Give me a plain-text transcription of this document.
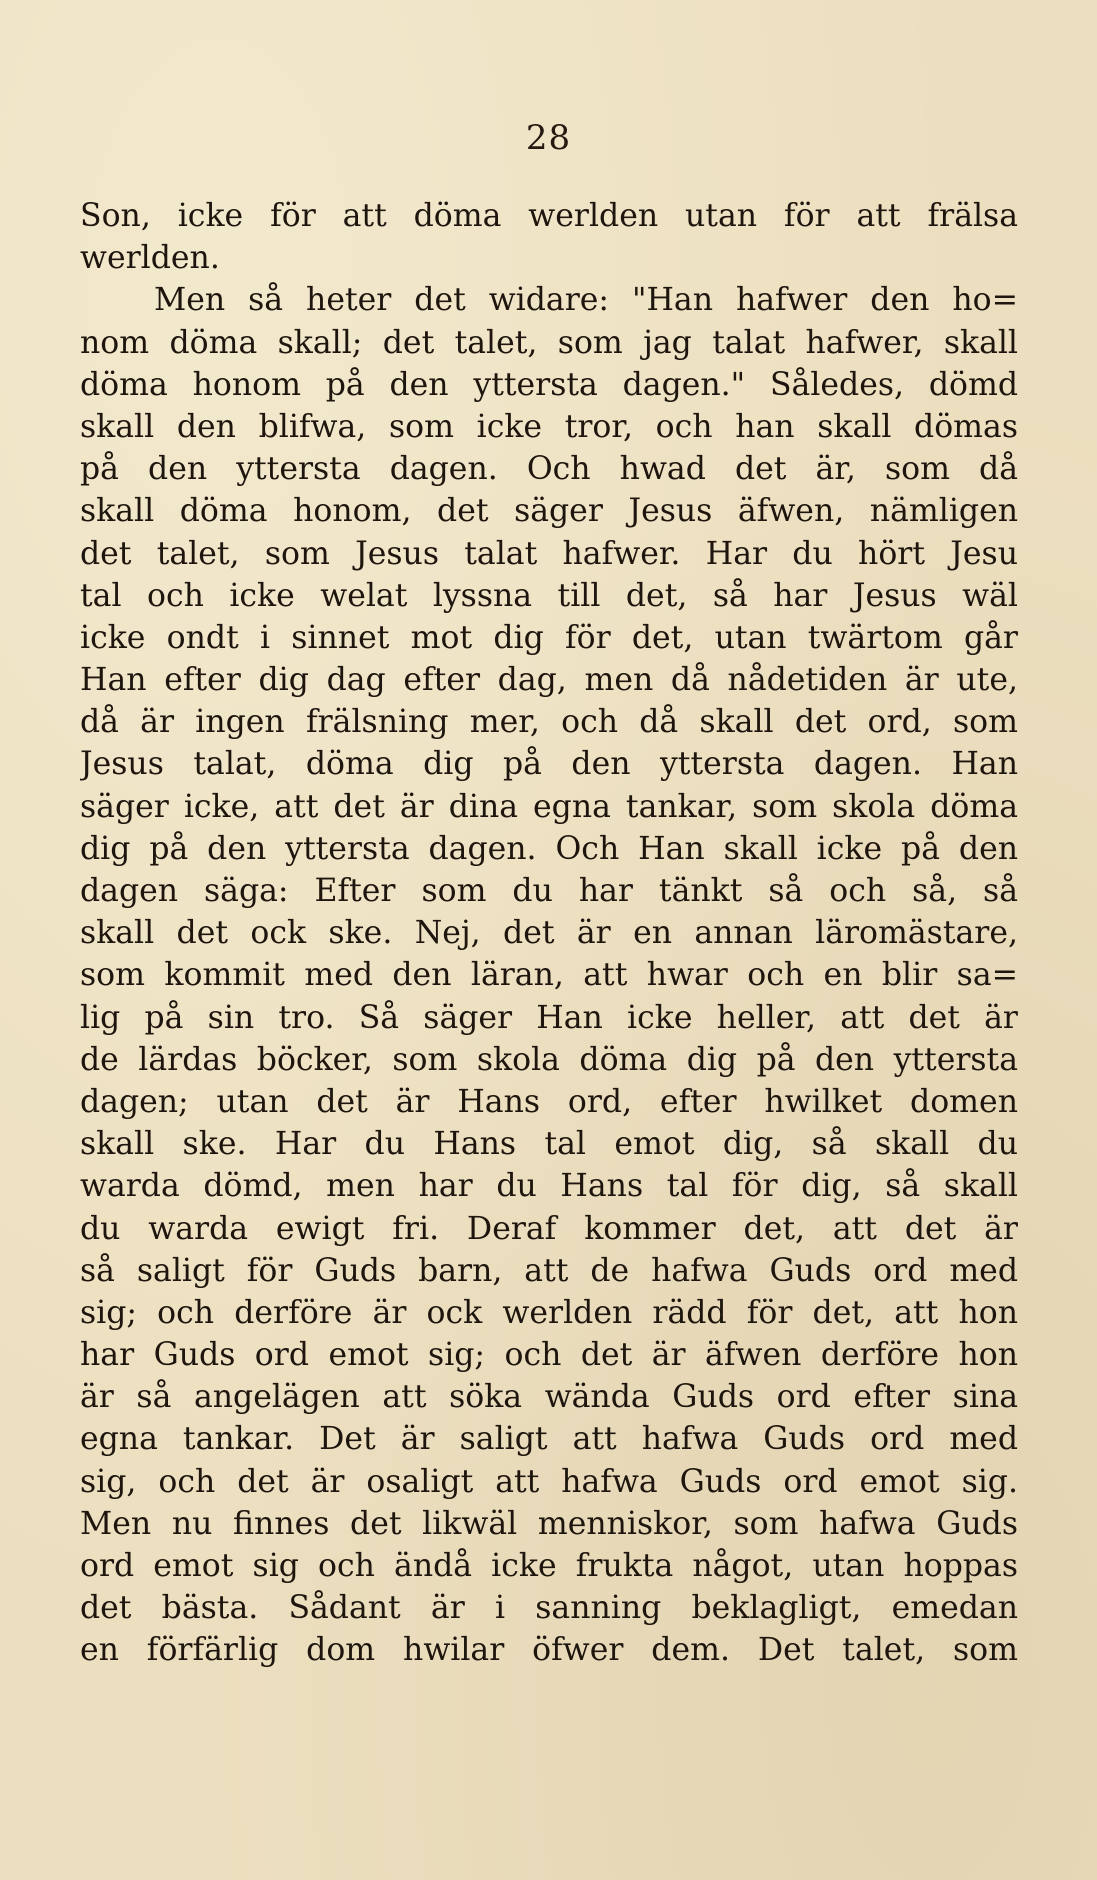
28
Son, icke för att döma werlden utan för att frälsa
werlden.
Men så heter det widare: "Han hafwer den ho=
nom döma skall; det talet, som jag talat hafwer, skall
döma honom på den yttersta dagen." Således, dömd
skall den blifwa, som icke tror, och han skall dömas
på den yttersta dagen. Och hwad det är, som då
skall döma honom, det säger Jesus äfwen, nämligen
det talet, som Jesus talat hafwer. Har du hört Jesu
tal och icke welat lyssna till det, så har Jesus wäl
icke ondt i sinnet mot dig för det, utan twärtom går
Han efter dig dag efter dag, men då nådetiden är ute,
då är ingen frälsning mer, och då skall det ord, som
Jesus talat, döma dig på den yttersta dagen. Han
säger icke, att det är dina egna tankar, som skola döma
dig på den yttersta dagen. Och Han skall icke på den
dagen säga: Efter som du har tänkt så och så, så
skall det ock ske. Nej, det är en annan läromästare,
som kommit med den läran, att hwar och en blir sa=
lig på sin tro. Så säger Han icke heller, att det är
de lärdas böcker, som skola döma dig på den yttersta
dagen; utan det är Hans ord, efter hwilket domen
skall ske. Har du Hans tal emot dig, så skall du
warda dömd, men har du Hans tal för dig, så skall
du warda ewigt fri. Deraf kommer det, att det är
så saligt för Guds barn, att de hafwa Guds ord med
sig; och derföre är ock werlden rädd för det, att hon
har Guds ord emot sig; och det är äfwen derföre hon
är så angelägen att söka wända Guds ord efter sina
egna tankar. Det är saligt att hafwa Guds ord med
sig, och det är osaligt att hafwa Guds ord emot sig.
Men nu finnes det likwäl menniskor, som hafwa Guds
ord emot sig och ändå icke frukta något, utan hoppas
det bästa. Sådant är i sanning beklagligt, emedan
en förfärlig dom hwilar öfwer dem. Det talet, som
